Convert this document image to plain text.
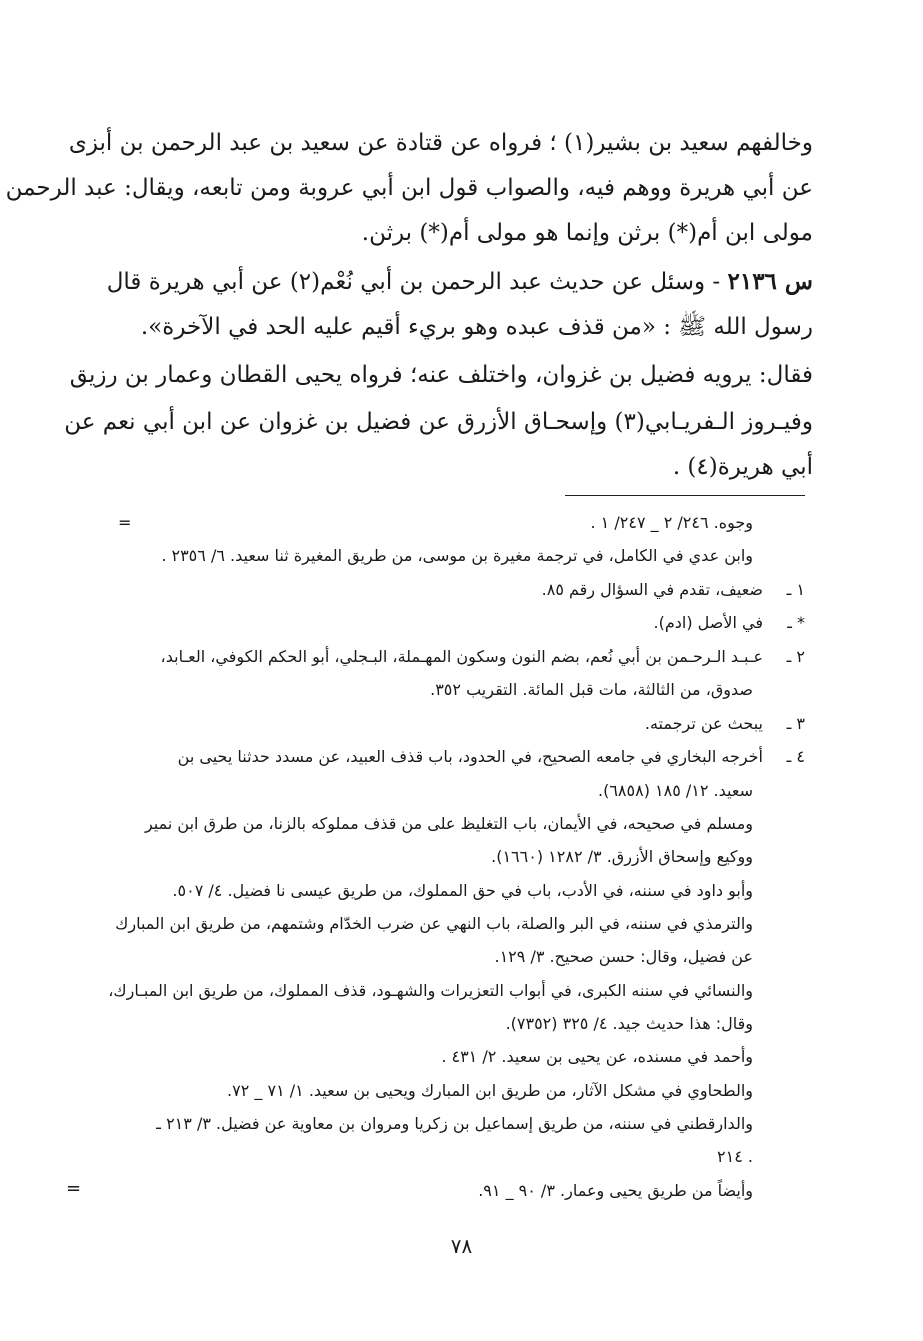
وخالفهم سعيد بن بشير(١) ؛ فرواه عن قتادة عن سعيد بن عبد الرحمن بن أبزى
عن أبي هريرة ووهم فيه، والصواب قول ابن أبي عروبة ومن تابعه، ويقال: عبد الرحمن
مولى ابن أم(*) برثن وإنما هو مولى أم(*) برثن.
س ٢١٣٦ - وسئل عن حديث عبد الرحمن بن أبي نُعْم(٢) عن أبي هريرة قال
رسول الله ﷺ : «من قذف عبده وهو بريء أقيم عليه الحد في الآخرة».
فقال: يرويه فضيل بن غزوان، واختلف عنه؛ فرواه يحيى القطان وعمار بن رزيق
وفيـروز الـفريـابي(٣) وإسحـاق الأزرق عن فضيل بن غزوان عن ابن أبي نعم عن
أبي هريرة(٤) .
=	وجوه. ٢٤٦/ ٢ _ ٢٤٧/ ١ .
وابن عدي في الكامل، في ترجمة مغيرة بن موسى، من طريق المغيرة ثنا سعيد. ٦/ ٢٣٥٦ .
١ ـ
ضعيف، تقدم في السؤال رقم ٨٥.
* ـ
في الأصل (ادم).
٢ ـ
عـبـد الـرحـمن بن أبي نُعم، بضم النون وسكون المهـملة، البـجلي، أبو الحكم الكوفي، العـابد،
صدوق، من الثالثة، مات قبل المائة. التقريب ٣٥٢.
٣ ـ
يبحث عن ترجمته.
٤ ـ
أخرجه البخاري في جامعه الصحيح، في الحدود، باب قذف العبيد، عن مسدد حدثنا يحيى بن
سعيد. ١٢/ ١٨٥ (٦٨٥٨).
ومسلم في صحيحه، في الأيمان، باب التغليظ على من قذف مملوكه بالزنا، من طرق ابن نمير
ووكيع وإسحاق الأزرق. ٣/ ١٢٨٢ (١٦٦٠).
وأبو داود في سننه، في الأدب، باب في حق المملوك، من طريق عيسى نا فضيل. ٤/ ٥٠٧.
والترمذي في سننه، في البر والصلة، باب النهي عن ضرب الخدّام وشتمهم، من طريق ابن المبارك
عن فضيل، وقال: حسن صحيح. ٣/ ١٢٩.
والنسائي في سننه الكبرى، في أبواب التعزيرات والشهـود، قذف المملوك، من طريق ابن المبـارك،
وقال: هذا حديث جيد. ٤/ ٣٢٥ (٧٣٥٢).
وأحمد في مسنده، عن يحيى بن سعيد. ٢/ ٤٣١ .
والطحاوي في مشكل الآثار، من طريق ابن المبارك ويحيى بن سعيد. ١/ ٧١ _ ٧٢.
والدارقطني في سننه، من طريق إسماعيل بن زكريا ومروان بن معاوية عن فضيل. ٣/ ٢١٣ ـ
٢١٤ .
وأيضاً من طريق يحيى وعمار. ٣/ ٩٠ _ ٩١.
=
٧٨
